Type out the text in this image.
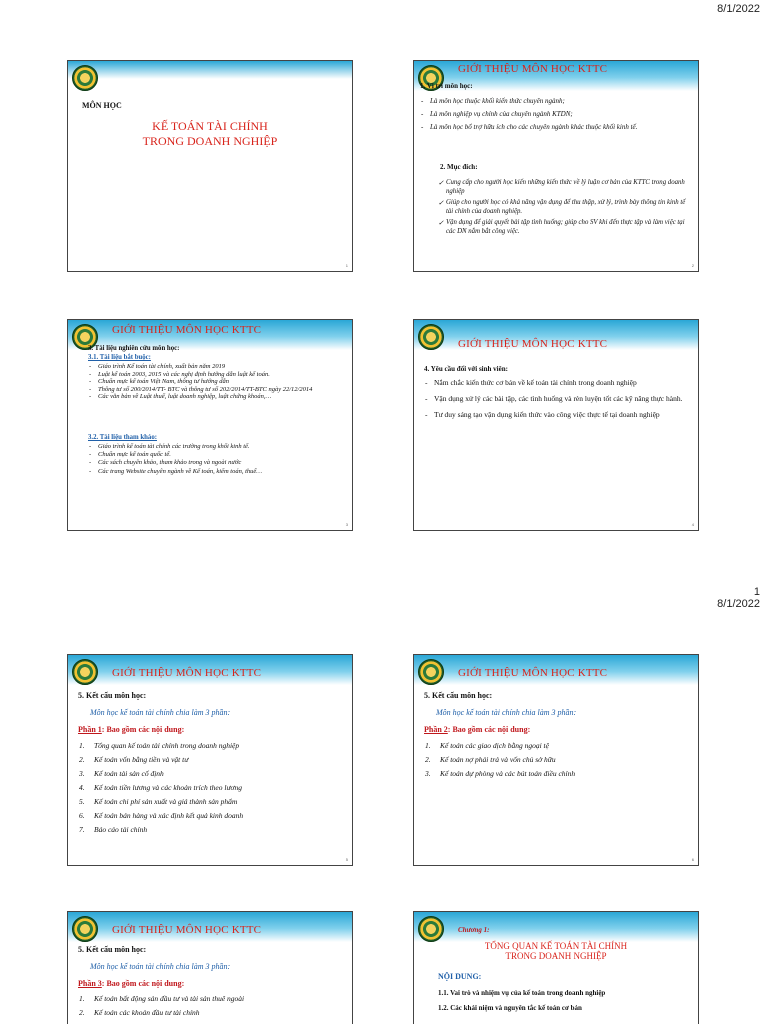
8/1/2022
1
8/1/2022
MÔN HỌC
KẾ TOÁN TÀI CHÍNH
TRONG DOANH NGHIỆP
1
GIỚI THIỆU MÔN HỌC KTTC
1. Vị trí môn học:
- Là môn học thuộc khối kiến thức chuyên ngành;
- Là môn nghiệp vụ chính của chuyên ngành KTDN;
- Là môn học bổ trợ hữu ích cho các chuyên ngành khác thuộc khối kinh tế.
2. Mục đích:
✓ Cung cấp cho người học kiến những kiến thức về lý luận cơ bản của KTTC trong doanh nghiệp
✓ Giúp cho người học có khả năng vận dụng để thu thập, xử lý, trình bày thông tin kinh tế tài chính của doanh nghiệp.
✓ Vận dụng để giải quyết bài tập tình huống; giúp cho SV khi đến thực tập và làm việc tại các DN nắm bắt công việc.
2
GIỚI THIỆU MÔN HỌC KTTC
3. Tài liệu nghiên cứu môn học:
3.1. Tài liệu bắt buộc:
- Giáo trình Kế toán tài chính, xuất bản năm 2019
- Luật kế toán 2003, 2015 và các nghị định hướng dẫn luật kế toán.
- Chuẩn mực kế toán Việt Nam, thông tư hướng dẫn
- Thông tư số 200/2014/TT- BTC và thông tư số 202/2014/TT-BTC ngày 22/12/2014
- Các văn bản về Luật thuế, luật doanh nghiệp, luật chứng khoán,…
3.2. Tài liệu tham khảo:
- Giáo trình kế toán tài chính các trường trong khối kinh tế.
- Chuẩn mực kế toán quốc tế.
- Các sách chuyên khảo, tham khảo trong và ngoài nước
- Các trang Website chuyên ngành về Kế toán, kiểm toán, thuế…
3
GIỚI THIỆU MÔN HỌC KTTC
4. Yêu cầu đối với sinh viên:
- Nắm chắc kiến thức cơ bản về kế toán tài chính trong doanh nghiệp
- Vận dụng xử lý các bài tập, các tình huống và rèn luyện tốt các kỹ năng thực hành.
- Tư duy sáng tạo vận dụng kiến thức vào công việc thực tế tại doanh nghiệp
4
GIỚI THIỆU MÔN HỌC KTTC
5. Kết cấu môn học:
Môn học kế toán tài chính chia làm 3 phần:
Phần 1: Bao gồm các nội dung:
Tổng quan kế toán tài chính trong doanh nghiệp
Kế toán vốn bằng tiền và vật tư
Kế toán tài sản cố định
Kế toán tiền lương và các khoản trích theo lương
Kế toán chi phí sản xuất và giá thành sản phẩm
Kế toán bán hàng và xác định kết quả kinh doanh
Báo cáo tài chính
5
GIỚI THIỆU MÔN HỌC KTTC
5. Kết cấu môn học:
Môn học kế toán tài chính chia làm 3 phần:
Phần 2: Bao gồm các nội dung:
Kế toán các giao dịch bằng ngoại tệ
Kế toán nợ phải trả và vốn chủ sở hữu
Kế toán dự phòng và các bút toán điều chỉnh
6
GIỚI THIỆU MÔN HỌC KTTC
5. Kết cấu môn học:
Môn học kế toán tài chính chia làm 3 phần:
Phần 3: Bao gồm các nội dung:
Kế toán bất động sản đầu tư và tài sản thuê ngoài
Kế toán các khoản đầu tư tài chính
Chương 1:
TỔNG QUAN KẾ TOÁN TÀI CHÍNH
TRONG DOANH NGHIỆP
NỘI DUNG:
1.1. Vai trò và nhiệm vụ của kế toán trong doanh nghiệp
1.2. Các khái niệm và nguyên tắc kế toán cơ bản
